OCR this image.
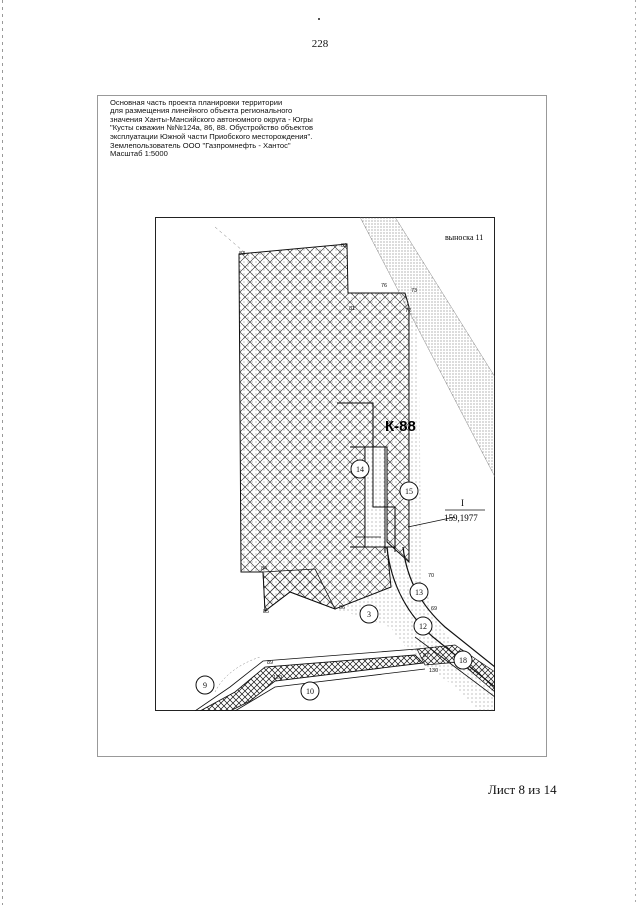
228
Основная часть проекта планировки территории
для размещения линейного объекта регионального
значения Ханты-Мансийского автономного округа - Югры
"Кусты скважин №№124а, 86, 88. Обустройство объектов
эксплуатации Южной части Приобского месторождения".
Землепользователь ООО "Газпромнефть - Хантос"
Масштаб 1:5000
выноска 11
К-88
I
159,1977
83
82
81
76
73
72
70
69
84
85
86
87
89
129
130
14
15
13
12
3
18
9
10
Лист 8 из 14
